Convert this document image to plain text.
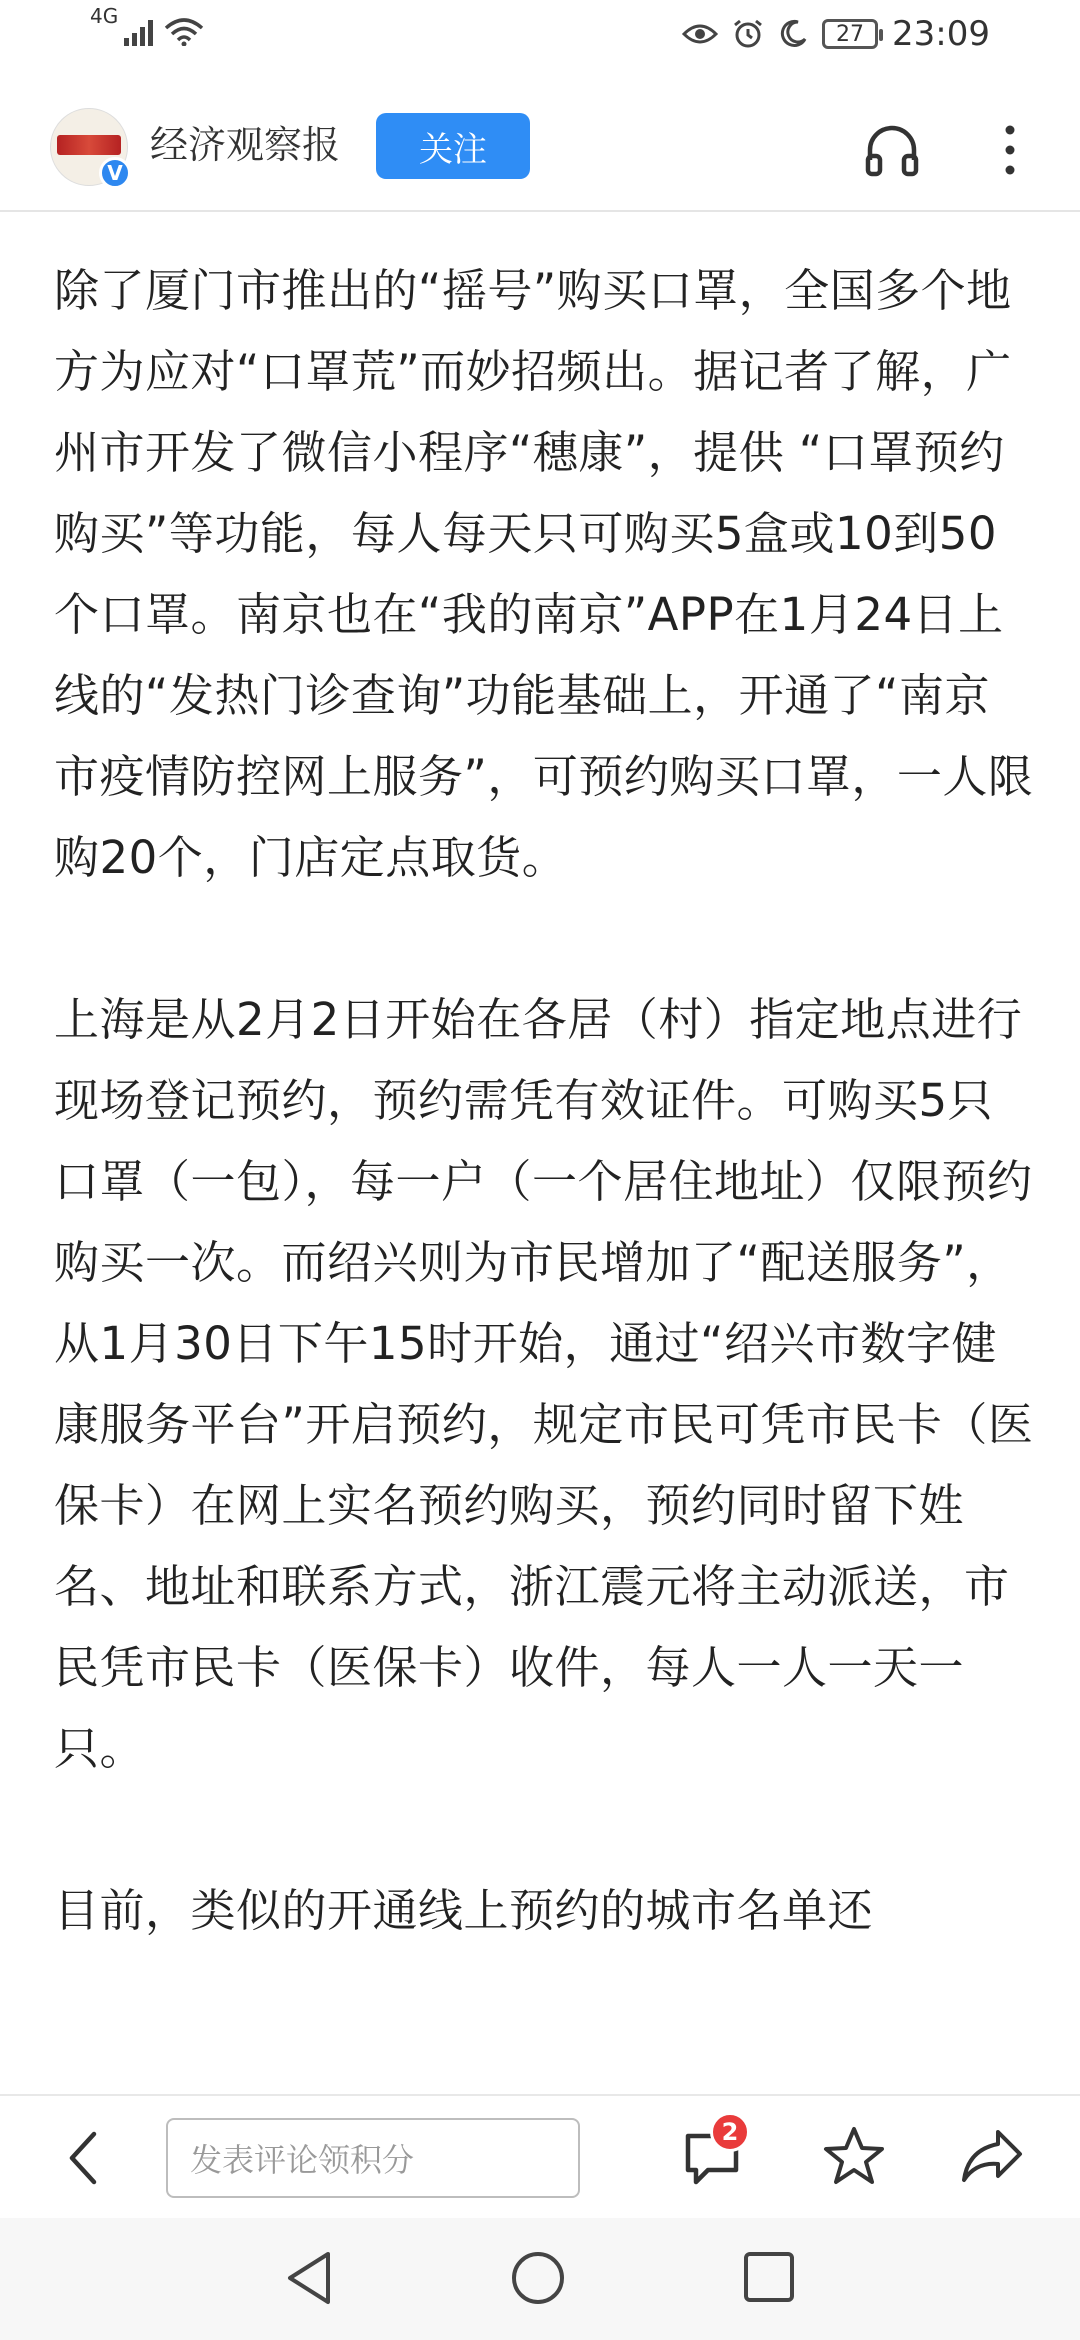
4G
27 23:09
V
经济观察报	关注

除了厦门市推出的“摇号”购买口罩，全国多个地方为应对“口罩荒”而妙招频出。据记者了解，广州市开发了微信小程序“穗康”，提供 “口罩预约购买”等功能，每人每天只可购买5盒或10到50个口罩。南京也在“我的南京”APP在1月24日上线的“发热门诊查询”功能基础上，开通了“南京市疫情防控网上服务”，可预约购买口罩，一人限购20个，门店定点取货。

上海是从2月2日开始在各居（村）指定地点进行现场登记预约，预约需凭有效证件。可购买5只口罩（一包），每一户（一个居住地址）仅限预约购买一次。而绍兴则为市民增加了“配送服务”，从1月30日下午15时开始，通过“绍兴市数字健康服务平台”开启预约，规定市民可凭市民卡（医保卡）在网上实名预约购买，预约同时留下姓名、地址和联系方式，浙江震元将主动派送，市民凭市民卡（医保卡）收件，每人一人一天一只。

目前，类似的开通线上预约的城市名单还

发表评论领积分
2
